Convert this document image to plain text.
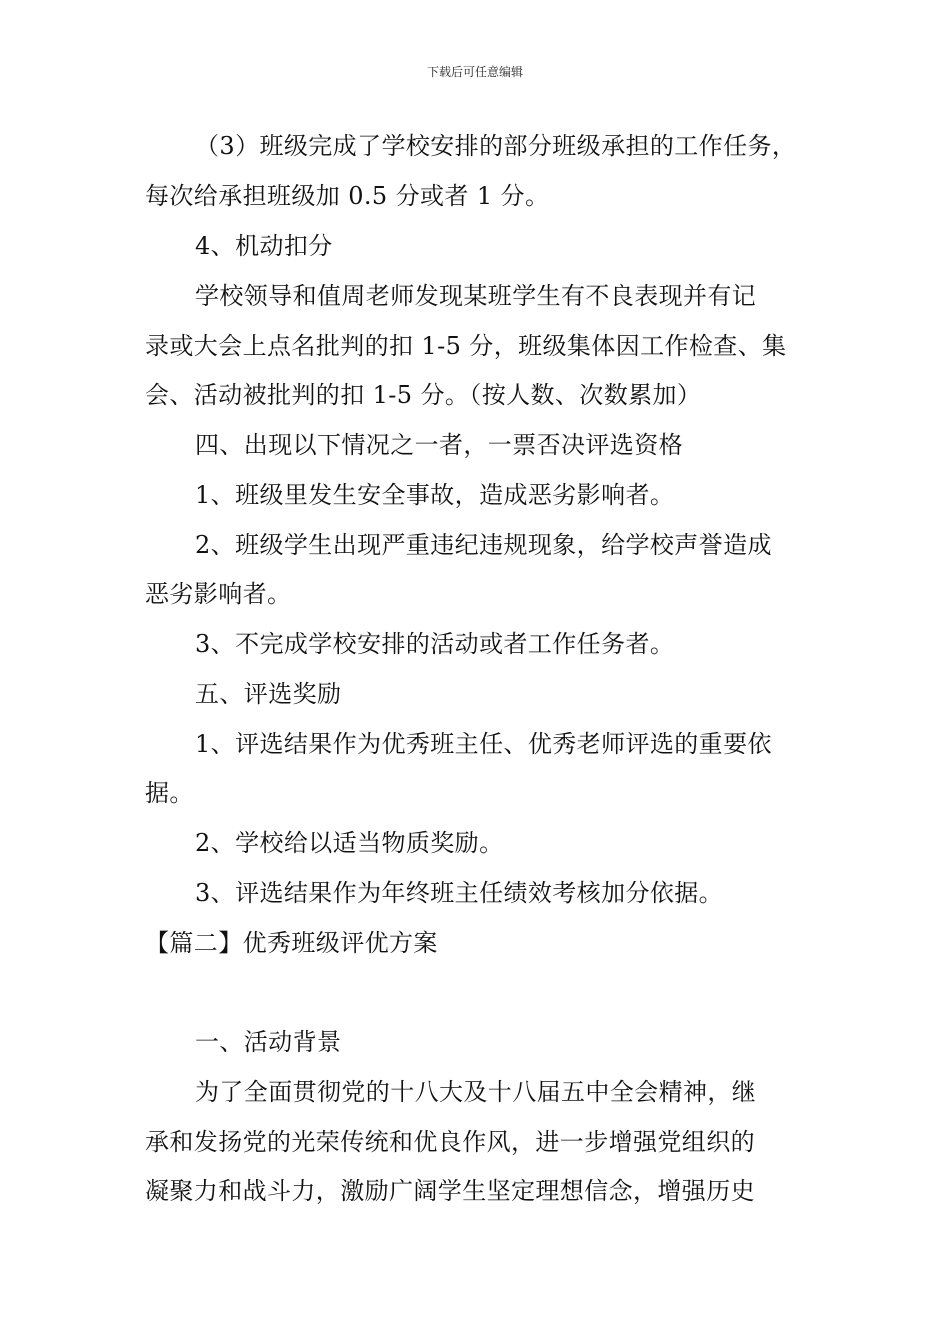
下载后可任意编辑
（3）班级完成了学校安排的部分班级承担的工作任务，
每次给承担班级加 0.5 分或者 1 分。
4、机动扣分
学校领导和值周老师发现某班学生有不良表现并有记
录或大会上点名批判的扣 1-5 分，班级集体因工作检查、集
会、活动被批判的扣 1-5 分。（按人数、次数累加）
四、出现以下情况之一者，一票否决评选资格
1、班级里发生安全事故，造成恶劣影响者。
2、班级学生出现严重违纪违规现象，给学校声誉造成
恶劣影响者。
3、不完成学校安排的活动或者工作任务者。
五、评选奖励
1、评选结果作为优秀班主任、优秀老师评选的重要依
据。
2、学校给以适当物质奖励。
3、评选结果作为年终班主任绩效考核加分依据。
【篇二】优秀班级评优方案
一、活动背景
为了全面贯彻党的十八大及十八届五中全会精神，继
承和发扬党的光荣传统和优良作风，进一步增强党组织的
凝聚力和战斗力，激励广阔学生坚定理想信念，增强历史
